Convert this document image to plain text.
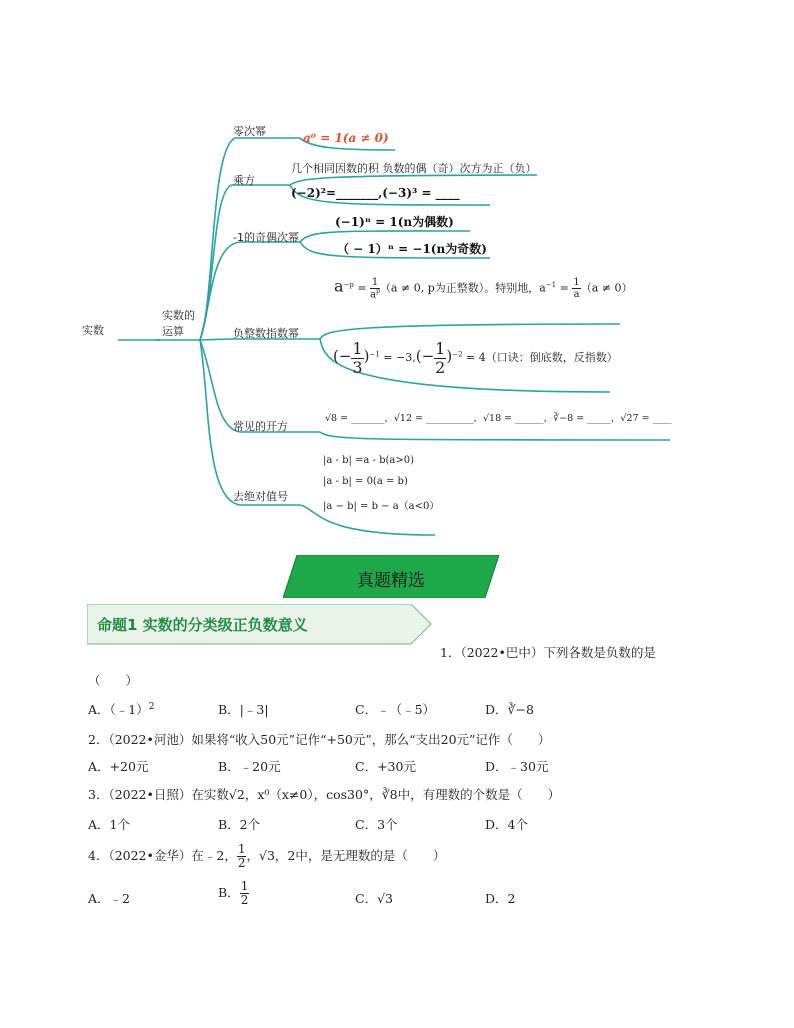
实数
实数的运算
零次幂	a⁰ = 1(a ≠ 0)
乘方
几个相同因数的积 负数的偶（奇）次方为正（负）
(−2)²=_______,(−3)³ = ____
-1的奇偶次幂
(−1)ⁿ = 1(n为偶数)
（ − 1）ⁿ = −1(n为奇数)
负整数指数幂
$a^{-p} = \frac{1}{a^p} (a \ne 0$, p为正整数）。特别地，$a^{-1} = \frac{1}{a} (a \ne 0)$
(− $\frac{1}{3} )^{-1} = -3,(- \frac{1}{2} )^{-2} = 4$（口诀：倒底数，反指数）
常见的开方
√8 = _______，√12 = __________，√18 = ______，∛−8 = _____，√27 = ____
去绝对值号
|a - b| =a - b(a>0)
|a - b| = 0(a = b)
|a − b| = b − a（a<0）
真题精选
命题1 实数的分类级正负数意义
1．（2022•巴中）下列各数是负数的是
（　　）
A．（﹣1）$^2$	B．|﹣3|	C．﹣（﹣5）	D．∛−8
2．（2022•河池）如果将“收入50元”记作“+50元”，那么“支出20元”记作（　　）
A．+20元	B．﹣20元	C．+30元	D．﹣30元
3．（2022•日照）在实数√2，x⁰（x≠0），cos30°，∛8中，有理数的个数是（　　）
A．1个	B．2个	C．3个	D．4个
4．（2022•金华）在﹣2， $\frac{1}{2}$ ，√3，2中，是无理数的是（　　）
A．﹣2	B． $\frac{1}{2}$	C．√3	D．2
